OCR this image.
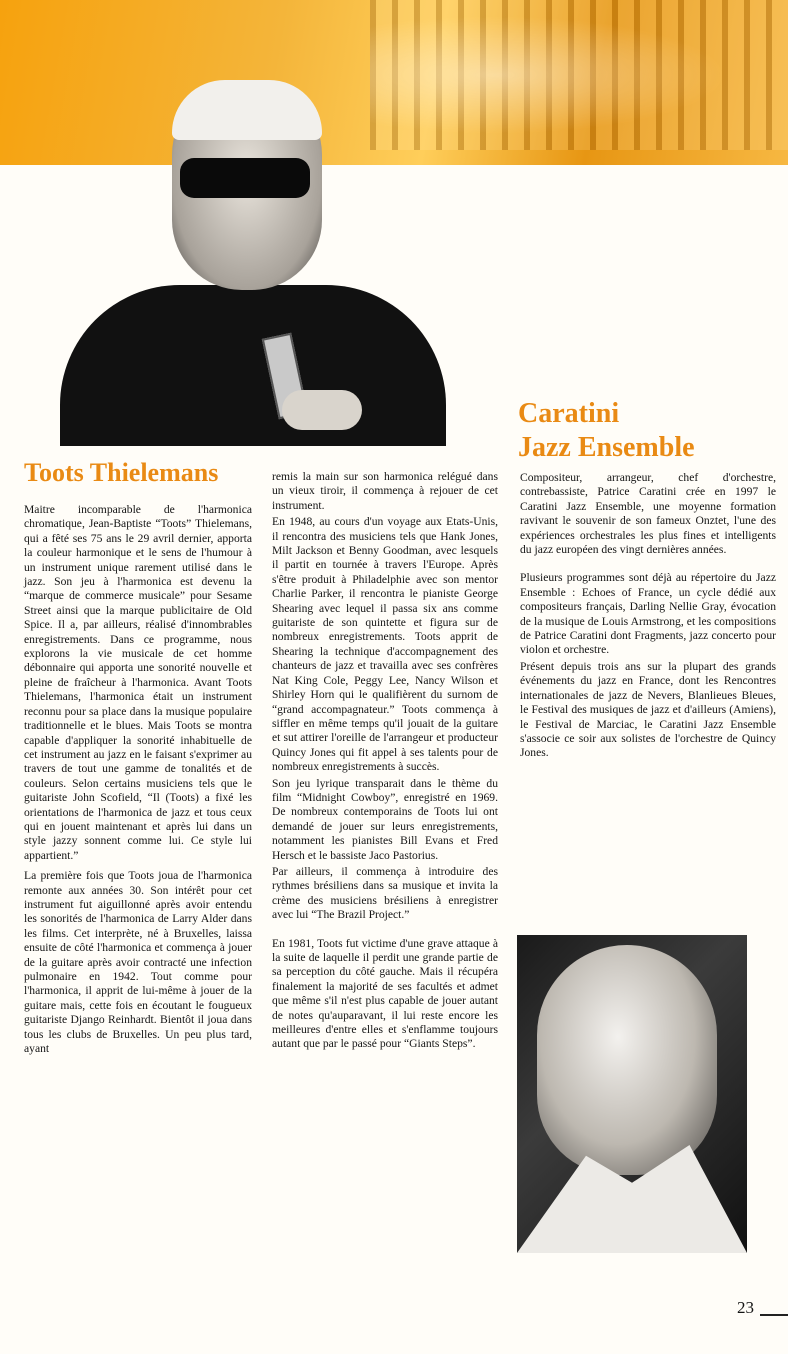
Toots Thielemans
Caratini
Jazz Ensemble

Maitre incomparable de l'harmonica chromatique, Jean-Baptiste “Toots” Thielemans, qui a fêté ses 75 ans le 29 avril dernier, apporta la couleur harmonique et le sens de l'humour à un instrument unique rarement utilisé dans le jazz. Son jeu à l'harmonica est devenu la “marque de commerce musicale” pour Sesame Street ainsi que la marque publicitaire de Old Spice. Il a, par ailleurs, réalisé d'innombrables enregistrements. Dans ce programme, nous explorons la vie musicale de cet homme débonnaire qui apporta une sonorité nouvelle et pleine de fraîcheur à l'harmonica. Avant Toots Thielemans, l'harmonica était un instrument reconnu pour sa place dans la musique populaire traditionnelle et le blues. Mais Toots se montra capable d'appliquer la sonorité inhabituelle de cet instrument au jazz en le faisant s'exprimer au travers de tout une gamme de tonalités et de couleurs. Selon certains musiciens tels que le guitariste John Scofield, “Il (Toots) a fixé les orientations de l'harmonica de jazz et tous ceux qui en jouent maintenant et après lui dans un style jazzy sonnent comme lui. Ce style lui appartient.”

La première fois que Toots joua de l'harmonica remonte aux années 30. Son intérêt pour cet instrument fut aiguillonné après avoir entendu les sonorités de l'harmonica de Larry Alder dans les films. Cet interprète, né à Bruxelles, laissa ensuite de côté l'harmonica et commença à jouer de la guitare après avoir contracté une infection pulmonaire en 1942. Tout comme pour l'harmonica, il apprit de lui-même à jouer de la guitare mais, cette fois en écoutant le fougueux guitariste Django Reinhardt. Bientôt il joua dans tous les clubs de Bruxelles. Un peu plus tard, ayant

remis la main sur son harmonica relégué dans un vieux tiroir, il commença à rejouer de cet instrument.

En 1948, au cours d'un voyage aux Etats-Unis, il rencontra des musiciens tels que Hank Jones, Milt Jackson et Benny Goodman, avec lesquels il partit en tournée à travers l'Europe. Après s'être produit à Philadelphie avec son mentor Charlie Parker, il rencontra le pianiste George Shearing avec lequel il passa six ans comme guitariste de son quintette et figura sur de nombreux enregistrements. Toots apprit de Shearing la technique d'accompagnement des chanteurs de jazz et travailla avec ses confrères Nat King Cole, Peggy Lee, Nancy Wilson et Shirley Horn qui le qualifièrent du surnom de “grand accompagnateur.” Toots commença à siffler en même temps qu'il jouait de la guitare et sut attirer l'oreille de l'arrangeur et producteur Quincy Jones qui fit appel à ses talents pour de nombreux enregistrements à succès.

Son jeu lyrique transparait dans le thème du film “Midnight Cowboy”, enregistré en 1969. De nombreux contemporains de Toots lui ont demandé de jouer sur leurs enregistrements, notamment les pianistes Bill Evans et Fred Hersch et le bassiste Jaco Pastorius.

Par ailleurs, il commença à introduire des rythmes brésiliens dans sa musique et invita la crème des musiciens brésiliens à enregistrer avec lui “The Brazil Project.”

En 1981, Toots fut victime d'une grave attaque à la suite de laquelle il perdit une grande partie de sa perception du côté gauche. Mais il récupéra finalement la majorité de ses facultés et admet que même s'il n'est plus capable de jouer autant de notes qu'auparavant, il lui reste encore les meilleures d'entre elles et s'enflamme toujours autant que par le passé pour “Giants Steps”.

Compositeur, arrangeur, chef d'orchestre, contrebassiste, Patrice Caratini crée en 1997 le Caratini Jazz Ensemble, une moyenne formation ravivant le souvenir de son fameux Onztet, l'une des expériences orchestrales les plus fines et intelligents du jazz européen des vingt dernières années.

Plusieurs programmes sont déjà au répertoire du Jazz Ensemble : Echoes of France, un cycle dédié aux compositeurs français, Darling Nellie Gray, évocation de la musique de Louis Armstrong, et les compositions de Patrice Caratini dont Fragments, jazz concerto pour violon et orchestre.

Présent depuis trois ans sur la plupart des grands événements du jazz en France, dont les Rencontres internationales de jazz de Nevers, Blanlieues Bleues, le Festival des musiques de jazz et d'ailleurs (Amiens), le Festival de Marciac, le Caratini Jazz Ensemble s'associe ce soir aux solistes de l'orchestre de Quincy Jones.

23
